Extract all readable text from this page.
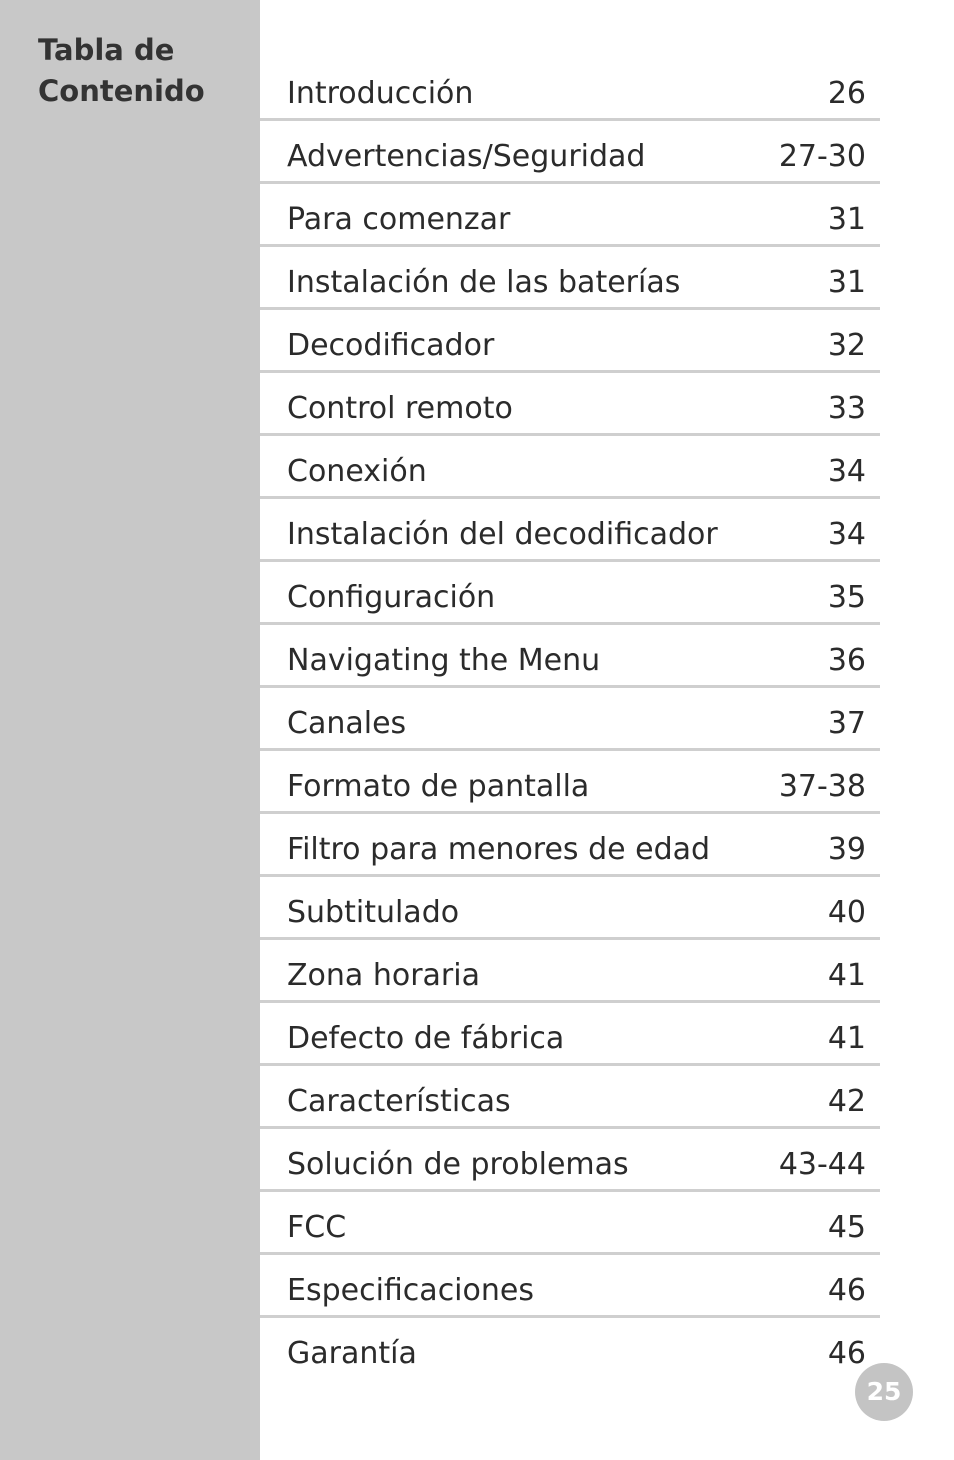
Tabla de
Contenido	Introducción	26
Advertencias/Seguridad	27-30
Para comenzar	31
Instalación de las baterías	31
Decodificador	32
Control remoto	33
Conexión	34
Instalación del decodificador	34
Configuración	35
Navigating the Menu	36
Canales	37
Formato de pantalla	37-38
Filtro para menores de edad	39
Subtitulado	40
Zona horaria	41
Defecto de fábrica	41
Características	42
Solución de problemas	43-44
FCC	45
Especificaciones	46
Garantía	46
25
